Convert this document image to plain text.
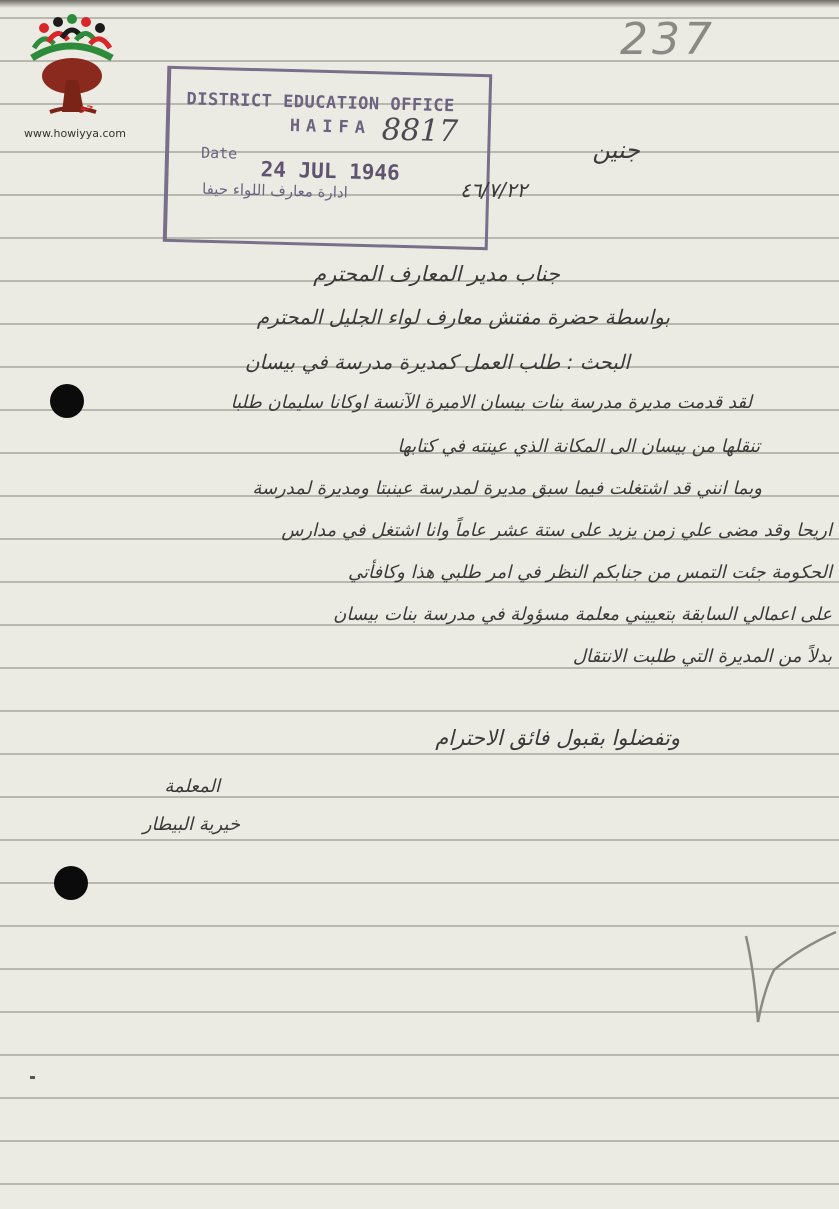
حو
www.howiyya.com
237
DISTRICT EDUCATION OFFICE
HAIFA 8817
Date
24 JUL 1946
ادارة معارف اللواء حيفا
جنين
٤٦/٧/٢٢
جناب مدير المعارف المحترم
بواسطة حضرة مفتش معارف لواء الجليل المحترم
البحث : طلب العمل كمديرة مدرسة في بيسان
لقد قدمت مديرة مدرسة بنات بيسان الاميرة الآنسة اوكانا سليمان طلبا
تنقلها من بيسان الى المكانة الذي عينته في كتابها
وبما انني قد اشتغلت فيما سبق مديرة لمدرسة عينبتا ومديرة لمدرسة
اريحا وقد مضى علي زمن يزيد على ستة عشر عاماً وانا اشتغل في مدارس
الحكومة جئت التمس من جنابكم النظر في امر طلبي هذا وكافأتي
على اعمالي السابقة بتعييني معلمة مسؤولة في مدرسة بنات بيسان
بدلاً من المديرة التي طلبت الانتقال
وتفضلوا بقبول فائق الاحترام
المعلمة
خيرية البيطار
